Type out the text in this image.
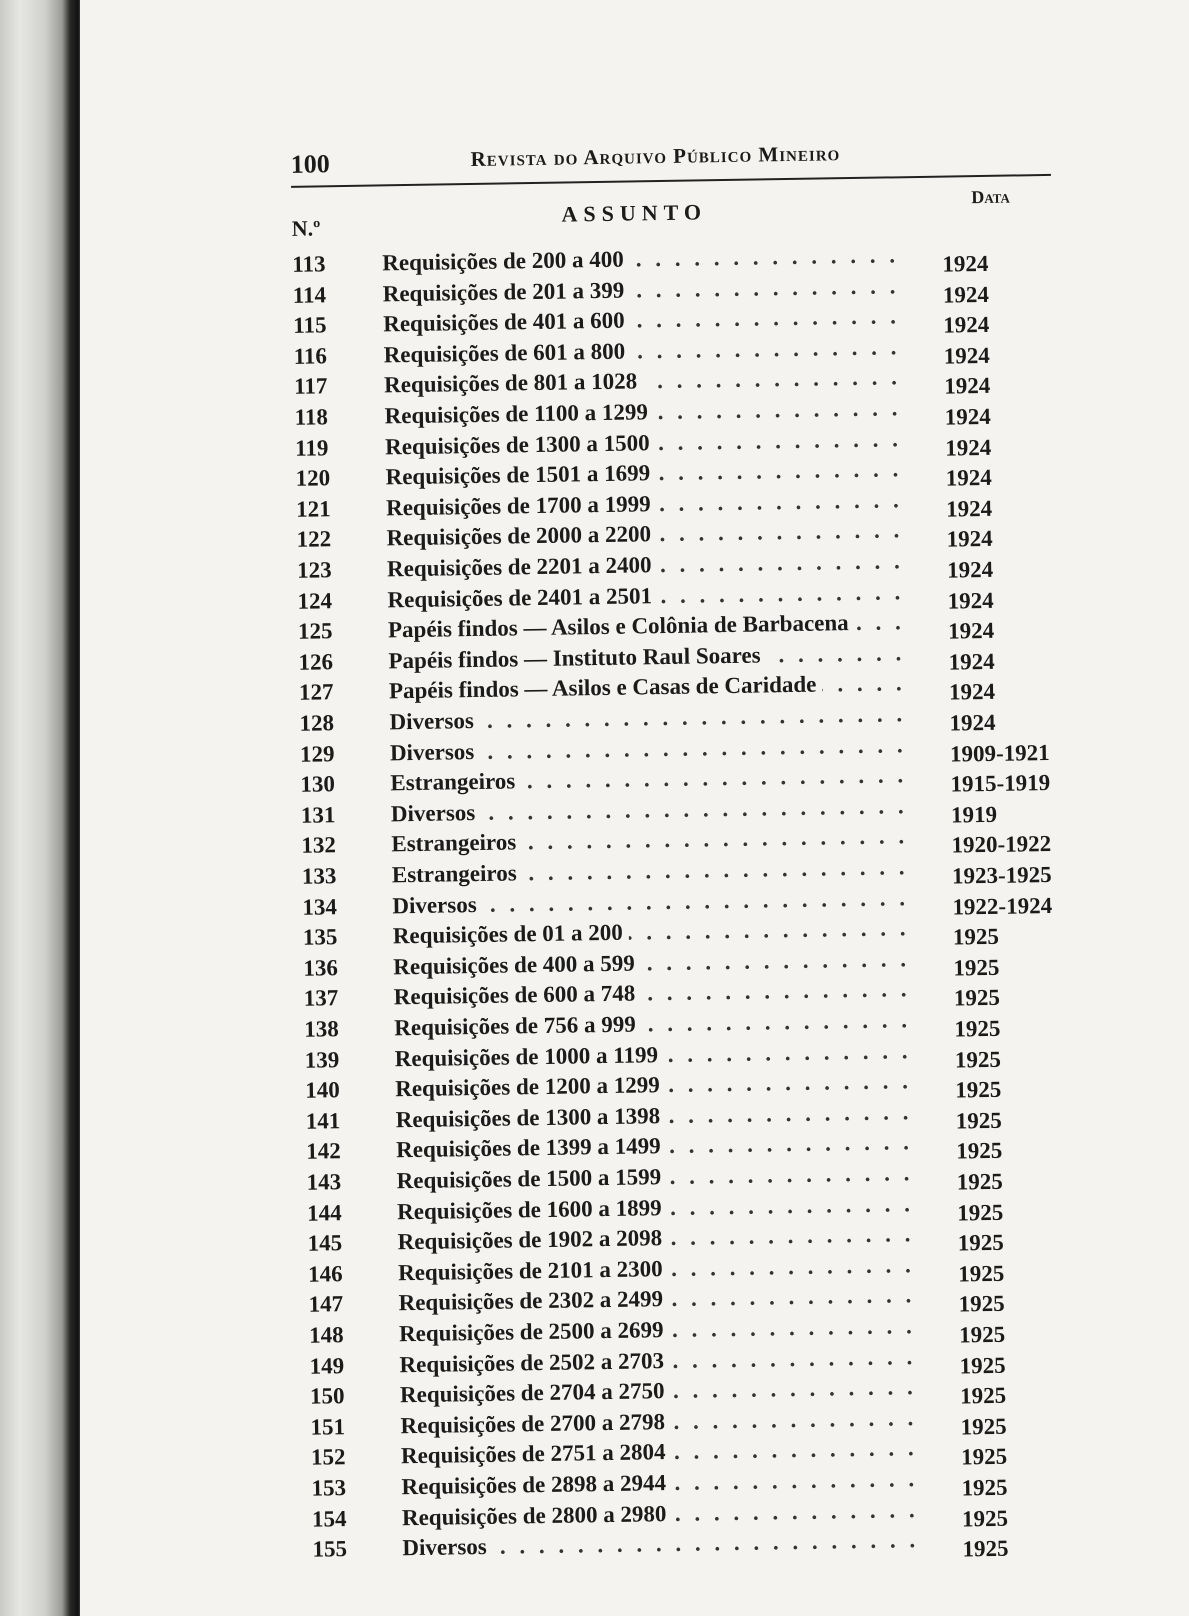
100	Revista do Arquivo Público Mineiro
N.º
ASSUNTO
Data
113	Requisições de 200 a 400 . . .	1924
114	Requisições de 201 a 399 . . .	1924
115	Requisições de 401 a 600 . . .	1924
116	Requisições de 601 a 800 . . .	1924
117	Requisições de 801 a 1028 . . .	1924
118	Requisições de 1100 a 1299 . . .	1924
119	Requisições de 1300 a 1500 . . .	1924
120	Requisições de 1501 a 1699 . . .	1924
121	Requisições de 1700 a 1999 . . .	1924
122	Requisições de 2000 a 2200 . . .	1924
123	Requisições de 2201 a 2400 . . .	1924
124	Requisições de 2401 a 2501 . . .	1924
125	Papéis findos — Asilos e Colônia de Barbacena . . .	1924
126	Papéis findos — Instituto Raul Soares . . .	1924
127	Papéis findos — Asilos e Casas de Caridade . . .	1924
128	Diversos . . .	1924
129	Diversos . . .	1909-1921
130	Estrangeiros . . .	1915-1919
131	Diversos . . .	1919
132	Estrangeiros . . .	1920-1922
133	Estrangeiros . . .	1923-1925
134	Diversos . . .	1922-1924
135	Requisições de 01 a 200 . . .	1925
136	Requisições de 400 a 599 . . .	1925
137	Requisições de 600 a 748 . . .	1925
138	Requisições de 756 a 999 . . .	1925
139	Requisições de 1000 a 1199 . . .	1925
140	Requisições de 1200 a 1299 . . .	1925
141	Requisições de 1300 a 1398 . . .	1925
142	Requisições de 1399 a 1499 . . .	1925
143	Requisições de 1500 a 1599 . . .	1925
144	Requisições de 1600 a 1899 . . .	1925
145	Requisições de 1902 a 2098 . . .	1925
146	Requisições de 2101 a 2300 . . .	1925
147	Requisições de 2302 a 2499 . . .	1925
148	Requisições de 2500 a 2699 . . .	1925
149	Requisições de 2502 a 2703 . . .	1925
150	Requisições de 2704 a 2750 . . .	1925
151	Requisições de 2700 a 2798 . . .	1925
152	Requisições de 2751 a 2804 . . .	1925
153	Requisições de 2898 a 2944 . . .	1925
154	Requisições de 2800 a 2980 . . .	1925
155	Diversos . . .	1925
